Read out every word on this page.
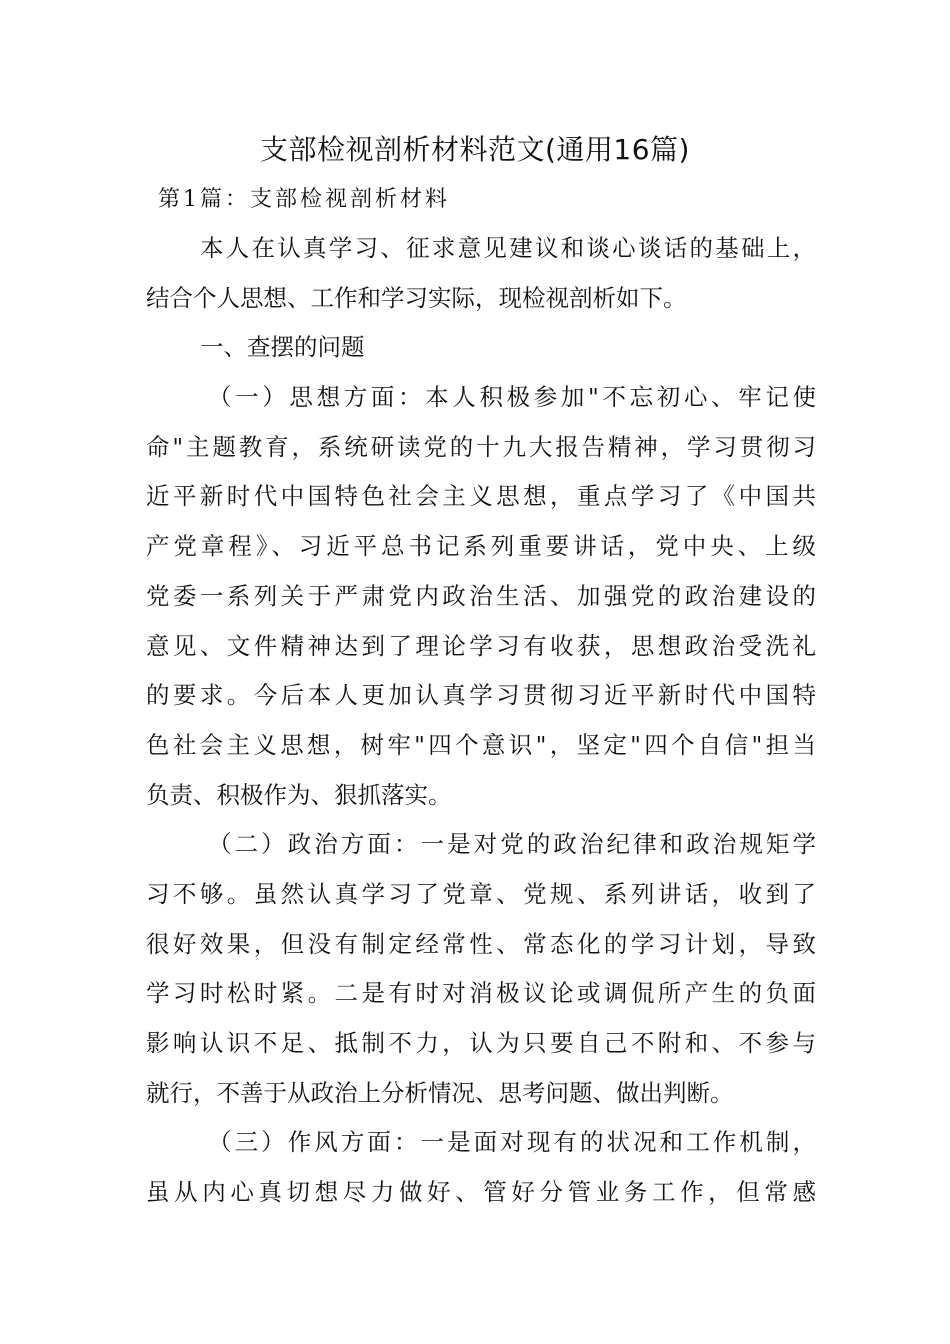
支部检视剖析材料范文(通用16篇)
第1篇：支部检视剖析材料
本人在认真学习、征求意见建议和谈心谈话的基础上，
结合个人思想、工作和学习实际，现检视剖析如下。
一、查摆的问题
（一）思想方面：本人积极参加"不忘初心、牢记使
命"主题教育，系统研读党的十九大报告精神，学习贯彻习
近平新时代中国特色社会主义思想，重点学习了《中国共
产党章程》、习近平总书记系列重要讲话，党中央、上级
党委一系列关于严肃党内政治生活、加强党的政治建设的
意见、文件精神达到了理论学习有收获，思想政治受洗礼
的要求。今后本人更加认真学习贯彻习近平新时代中国特
色社会主义思想，树牢"四个意识"，坚定"四个自信"担当
负责、积极作为、狠抓落实。
（二）政治方面：一是对党的政治纪律和政治规矩学
习不够。虽然认真学习了党章、党规、系列讲话，收到了
很好效果，但没有制定经常性、常态化的学习计划，导致
学习时松时紧。二是有时对消极议论或调侃所产生的负面
影响认识不足、抵制不力，认为只要自己不附和、不参与
就行，不善于从政治上分析情况、思考问题、做出判断。
（三）作风方面：一是面对现有的状况和工作机制，
虽从内心真切想尽力做好、管好分管业务工作，但常感
